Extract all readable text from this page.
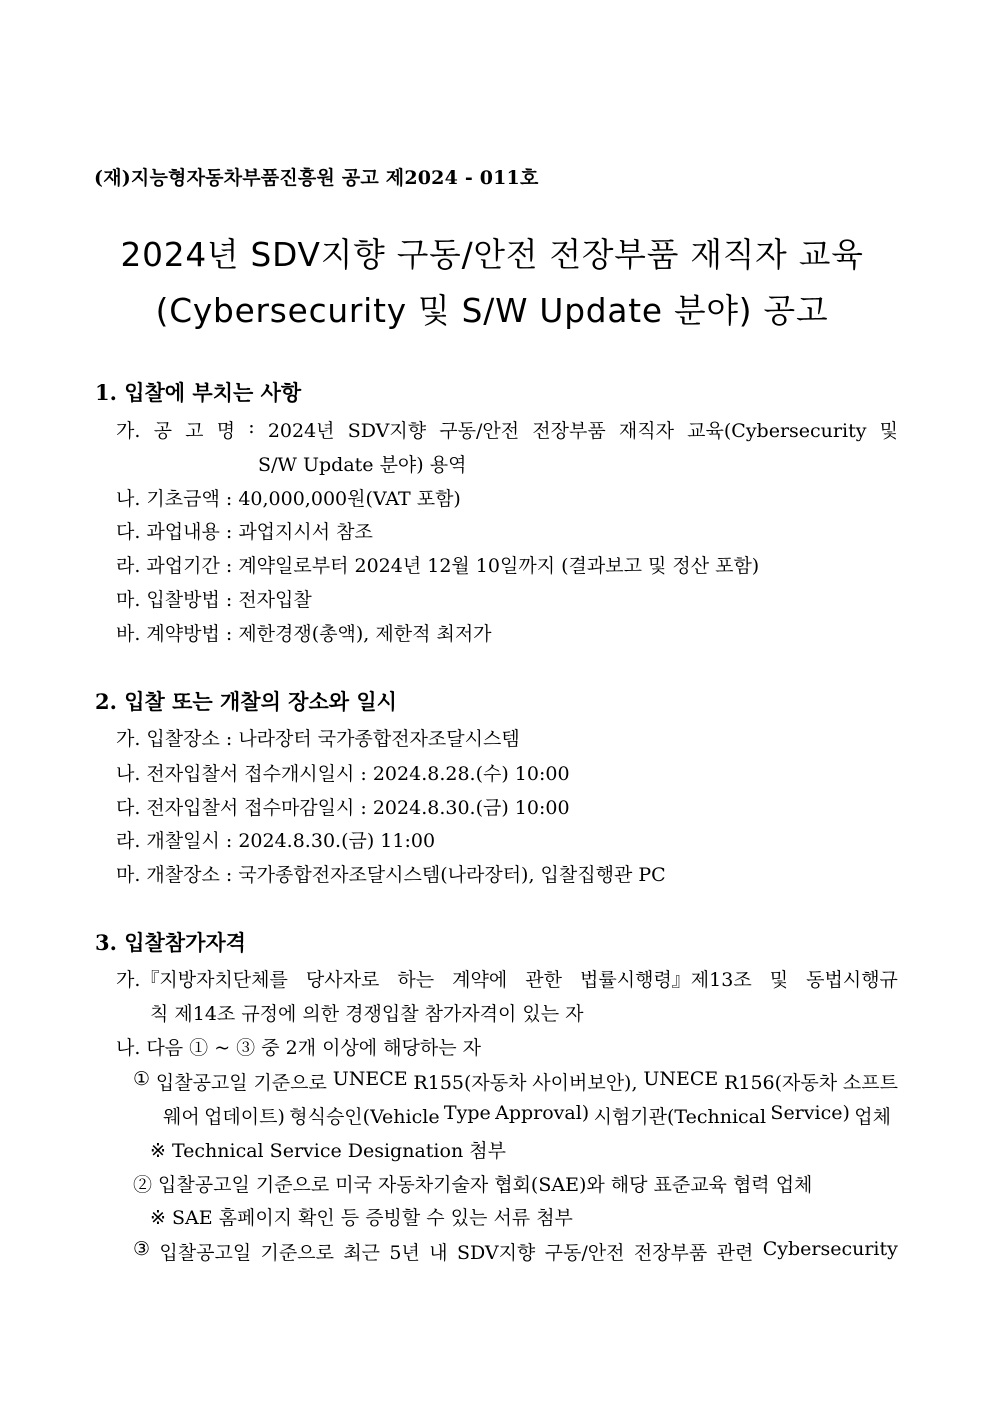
(재)지능형자동차부품진흥원 공고 제2024 - 011호
2024년 SDV지향 구동/안전 전장부품 재직자 교육
(Cybersecurity 및 S/W Update 분야) 공고
1. 입찰에 부치는 사항
가. 공 고 명 : 2024년 SDV지향 구동/안전 전장부품 재직자 교육(Cybersecurity 및
S/W Update 분야) 용역
나. 기초금액 : 40,000,000원(VAT 포함)
다. 과업내용 : 과업지시서 참조
라. 과업기간 : 계약일로부터 2024년 12월 10일까지 (결과보고 및 정산 포함)
마. 입찰방법 : 전자입찰
바. 계약방법 : 제한경쟁(총액), 제한적 최저가
2. 입찰 또는 개찰의 장소와 일시
가. 입찰장소 : 나라장터 국가종합전자조달시스템
나. 전자입찰서 접수개시일시 : 2024.8.28.(수) 10:00
다. 전자입찰서 접수마감일시 : 2024.8.30.(금) 10:00
라. 개찰일시 : 2024.8.30.(금) 11:00
마. 개찰장소 : 국가종합전자조달시스템(나라장터), 입찰집행관 PC
3. 입찰참가자격
가.『지방자치단체를 당사자로 하는 계약에 관한 법률시행령』제13조 및 동법시행규
칙 제14조 규정에 의한 경쟁입찰 참가자격이 있는 자
나. 다음 ① ~ ③ 중 2개 이상에 해당하는 자
① 입찰공고일 기준으로 UNECE R155(자동차 사이버보안), UNECE R156(자동차 소프트
웨어 업데이트) 형식승인(Vehicle Type Approval) 시험기관(Technical Service) 업체
※ Technical Service Designation 첨부
② 입찰공고일 기준으로 미국 자동차기술자 협회(SAE)와 해당 표준교육 협력 업체
※ SAE 홈페이지 확인 등 증빙할 수 있는 서류 첨부
③ 입찰공고일 기준으로 최근 5년 내 SDV지향 구동/안전 전장부품 관련 Cybersecurity
